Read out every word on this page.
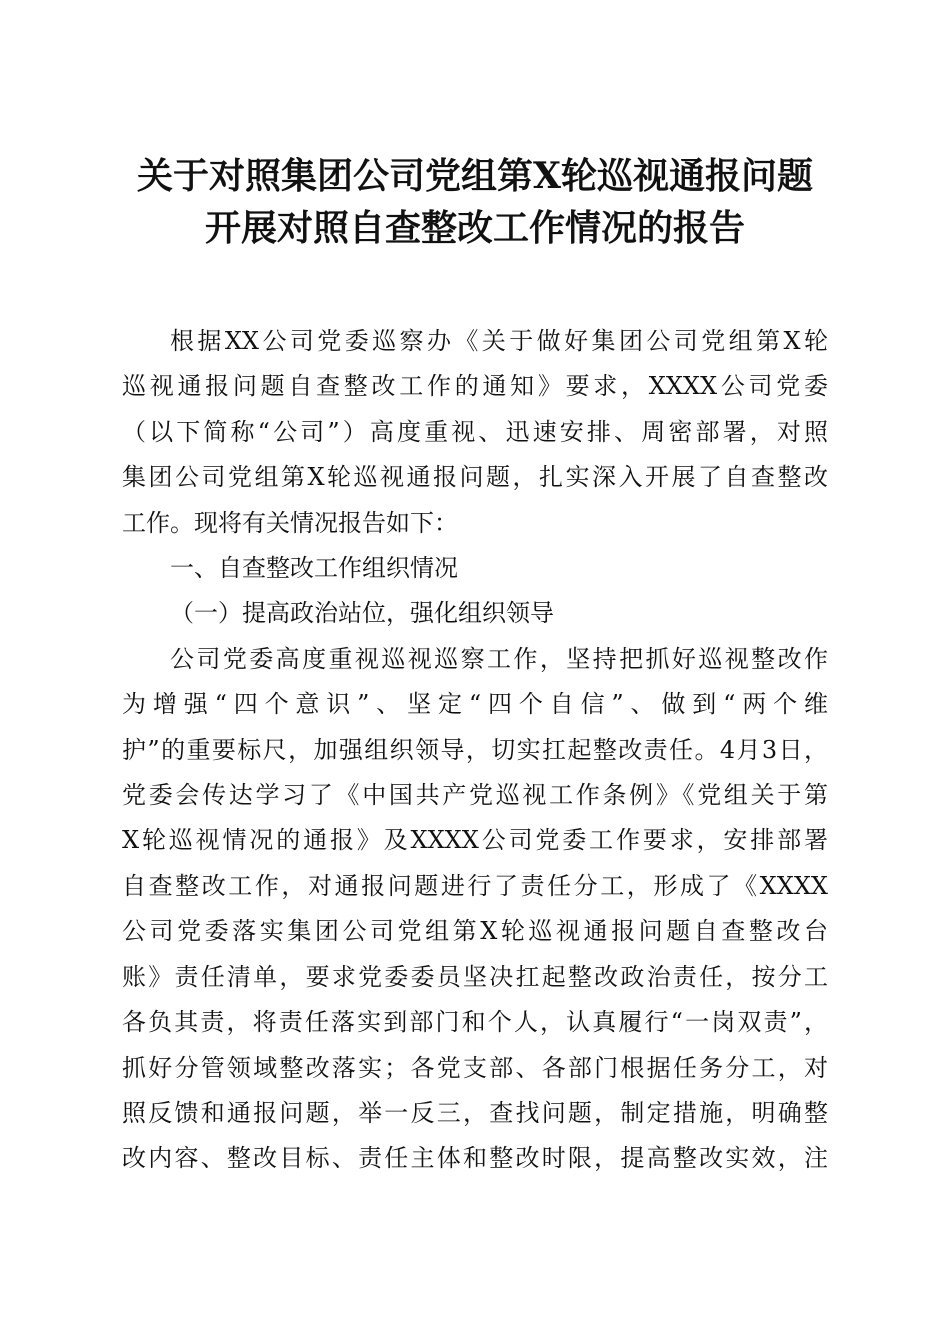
关于对照集团公司党组第X轮巡视通报问题
开展对照自查整改工作情况的报告
根据XX公司党委巡察办《关于做好集团公司党组第X轮
巡视通报问题自查整改工作的通知》要求，XXXX公司党委
（以下简称“公司”）高度重视、迅速安排、周密部署，对照
集团公司党组第X轮巡视通报问题，扎实深入开展了自查整改
工作。现将有关情况报告如下：
一、自查整改工作组织情况
（一）提高政治站位，强化组织领导
公司党委高度重视巡视巡察工作，坚持把抓好巡视整改作
为增强“四个意识”、坚定“四个自信”、做到“两个维
护”的重要标尺，加强组织领导，切实扛起整改责任。4月3日，
党委会传达学习了《中国共产党巡视工作条例》《党组关于第
X轮巡视情况的通报》及XXXX公司党委工作要求，安排部署
自查整改工作，对通报问题进行了责任分工，形成了《XXXX
公司党委落实集团公司党组第X轮巡视通报问题自查整改台
账》责任清单，要求党委委员坚决扛起整改政治责任，按分工
各负其责，将责任落实到部门和个人，认真履行“一岗双责”，
抓好分管领域整改落实；各党支部、各部门根据任务分工，对
照反馈和通报问题，举一反三，查找问题，制定措施，明确整
改内容、整改目标、责任主体和整改时限，提高整改实效，注
